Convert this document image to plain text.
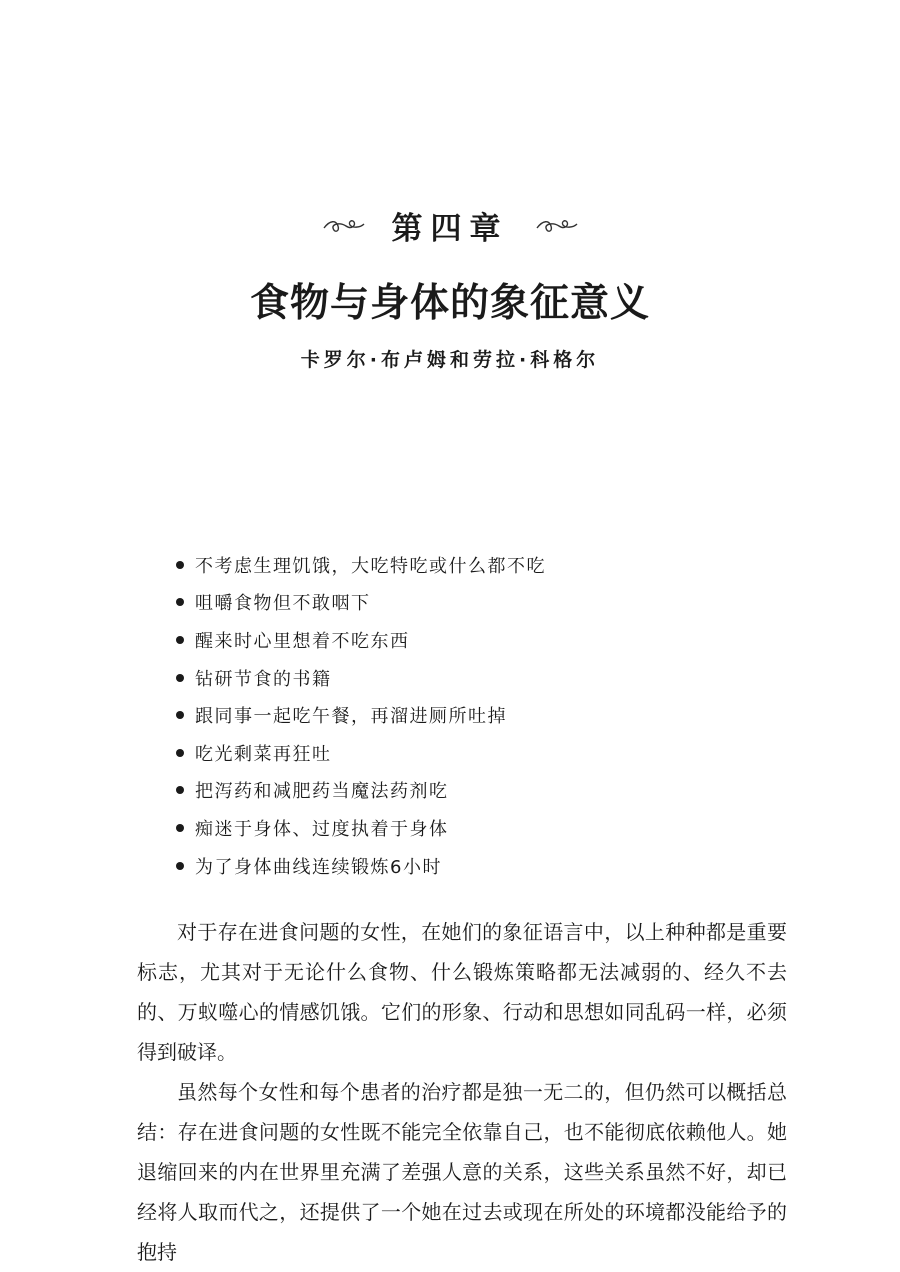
第四章
食物与身体的象征意义
卡罗尔·布卢姆和劳拉·科格尔
不考虑生理饥饿，大吃特吃或什么都不吃
咀嚼食物但不敢咽下
醒来时心里想着不吃东西
钻研节食的书籍
跟同事一起吃午餐，再溜进厕所吐掉
吃光剩菜再狂吐
把泻药和减肥药当魔法药剂吃
痴迷于身体、过度执着于身体
为了身体曲线连续锻炼6小时

对于存在进食问题的女性，在她们的象征语言中，以上种种都是重要标志，尤其对于无论什么食物、什么锻炼策略都无法减弱的、经久不去的、万蚁噬心的情感饥饿。它们的形象、行动和思想如同乱码一样，必须得到破译。

虽然每个女性和每个患者的治疗都是独一无二的，但仍然可以概括总结：存在进食问题的女性既不能完全依靠自己，也不能彻底依赖他人。她退缩回来的内在世界里充满了差强人意的关系，这些关系虽然不好，却已经将人取而代之，还提供了一个她在过去或现在所处的环境都没能给予的抱持
